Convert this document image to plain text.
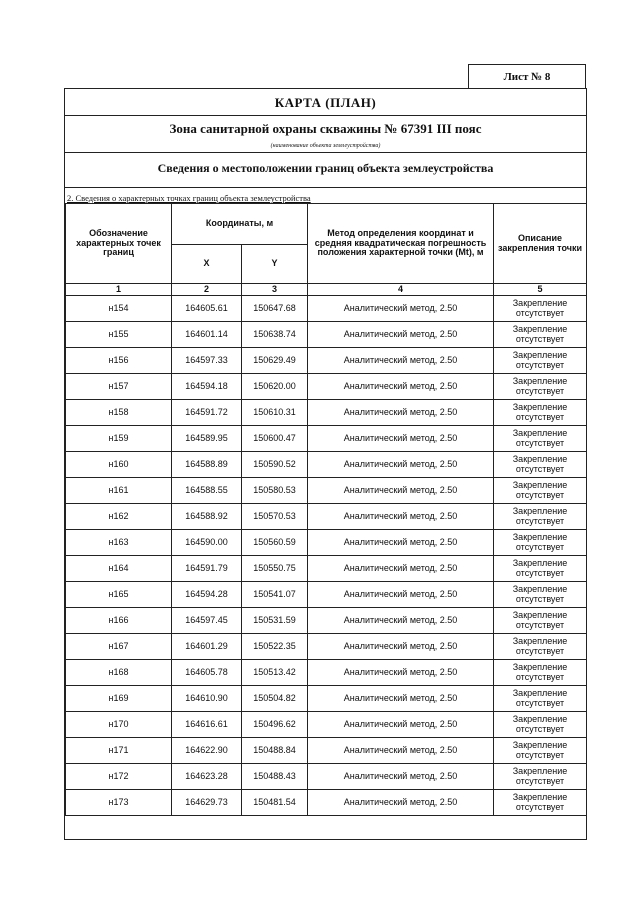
Лист № 8
КАРТА (ПЛАН)
Зона санитарной охраны скважины № 67391 III пояс
(наименование объекта землеустройства)
Сведения о местоположении границ объекта землеустройства
2. Сведения о характерных точках границ объекта землеустройства
Обозначение характерных точек границ	Координаты, м		Метод определения координат и средняя квадратическая погрешность положения характерной точки (Mt), м	Описание закрепления точки
	X	Y		
1	2	3	4	5
н154	164605.61	150647.68	Аналитический метод, 2.50	Закрепление отсутствует
н155	164601.14	150638.74	Аналитический метод, 2.50	Закрепление отсутствует
н156	164597.33	150629.49	Аналитический метод, 2.50	Закрепление отсутствует
н157	164594.18	150620.00	Аналитический метод, 2.50	Закрепление отсутствует
н158	164591.72	150610.31	Аналитический метод, 2.50	Закрепление отсутствует
н159	164589.95	150600.47	Аналитический метод, 2.50	Закрепление отсутствует
н160	164588.89	150590.52	Аналитический метод, 2.50	Закрепление отсутствует
н161	164588.55	150580.53	Аналитический метод, 2.50	Закрепление отсутствует
н162	164588.92	150570.53	Аналитический метод, 2.50	Закрепление отсутствует
н163	164590.00	150560.59	Аналитический метод, 2.50	Закрепление отсутствует
н164	164591.79	150550.75	Аналитический метод, 2.50	Закрепление отсутствует
н165	164594.28	150541.07	Аналитический метод, 2.50	Закрепление отсутствует
н166	164597.45	150531.59	Аналитический метод, 2.50	Закрепление отсутствует
н167	164601.29	150522.35	Аналитический метод, 2.50	Закрепление отсутствует
н168	164605.78	150513.42	Аналитический метод, 2.50	Закрепление отсутствует
н169	164610.90	150504.82	Аналитический метод, 2.50	Закрепление отсутствует
н170	164616.61	150496.62	Аналитический метод, 2.50	Закрепление отсутствует
н171	164622.90	150488.84	Аналитический метод, 2.50	Закрепление отсутствует
н172	164623.28	150488.43	Аналитический метод, 2.50	Закрепление отсутствует
н173	164629.73	150481.54	Аналитический метод, 2.50	Закрепление отсутствует
